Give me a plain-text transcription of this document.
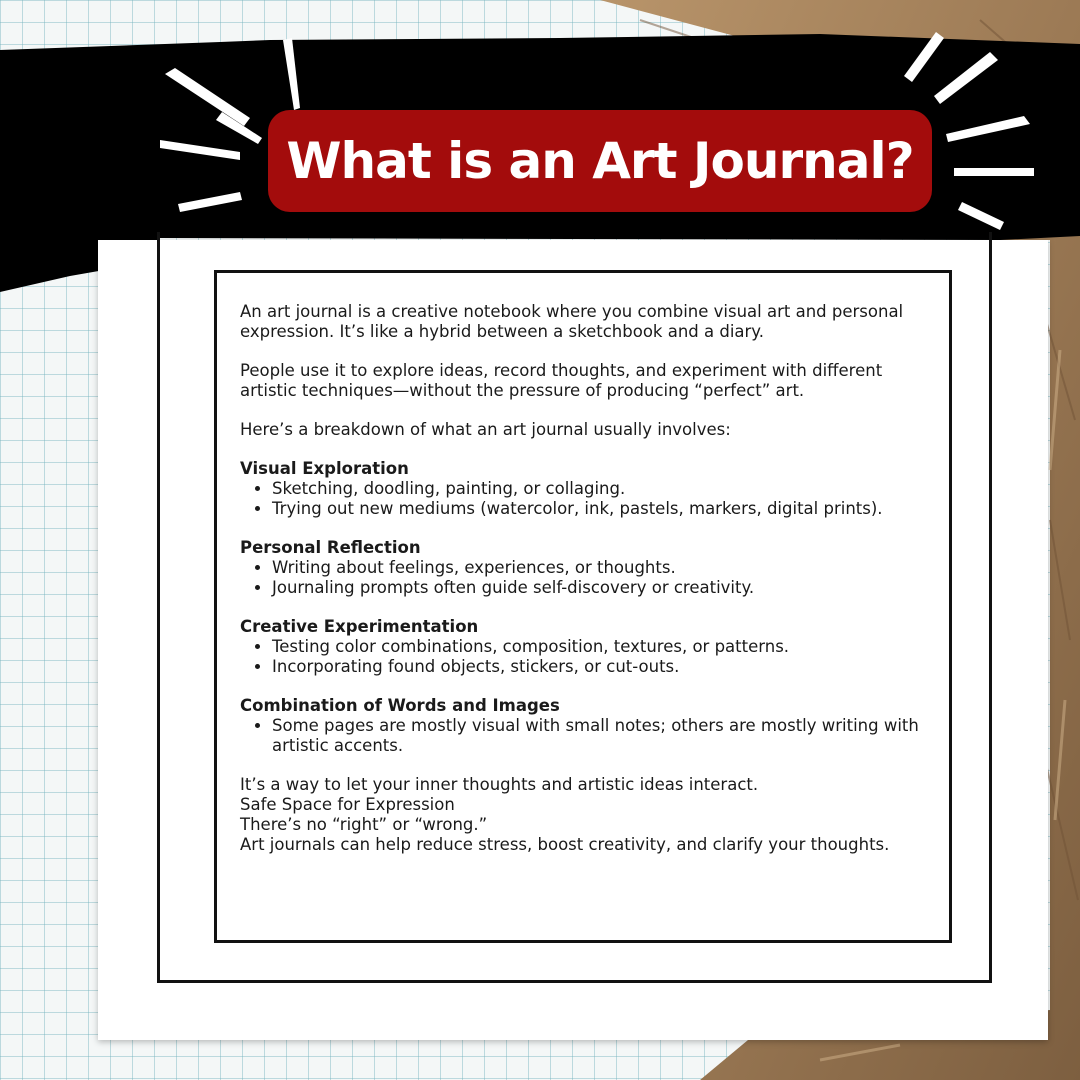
What is an Art Journal?

An art journal is a creative notebook where you combine visual art and personal expression. It’s like a hybrid between a sketchbook and a diary.

People use it to explore ideas, record thoughts, and experiment with different artistic techniques—without the pressure of producing “perfect” art.

Here’s a breakdown of what an art journal usually involves:

Visual Exploration

• Sketching, doodling, painting, or collaging.
• Trying out new mediums (watercolor, ink, pastels, markers, digital prints).

Personal Reflection

• Writing about feelings, experiences, or thoughts.
• Journaling prompts often guide self-discovery or creativity.

Creative Experimentation

• Testing color combinations, composition, textures, or patterns.
• Incorporating found objects, stickers, or cut-outs.

Combination of Words and Images

• Some pages are mostly visual with small notes; others are mostly writing with artistic accents.

It’s a way to let your inner thoughts and artistic ideas interact.

Safe Space for Expression

There’s no “right” or “wrong.”

Art journals can help reduce stress, boost creativity, and clarify your thoughts.
